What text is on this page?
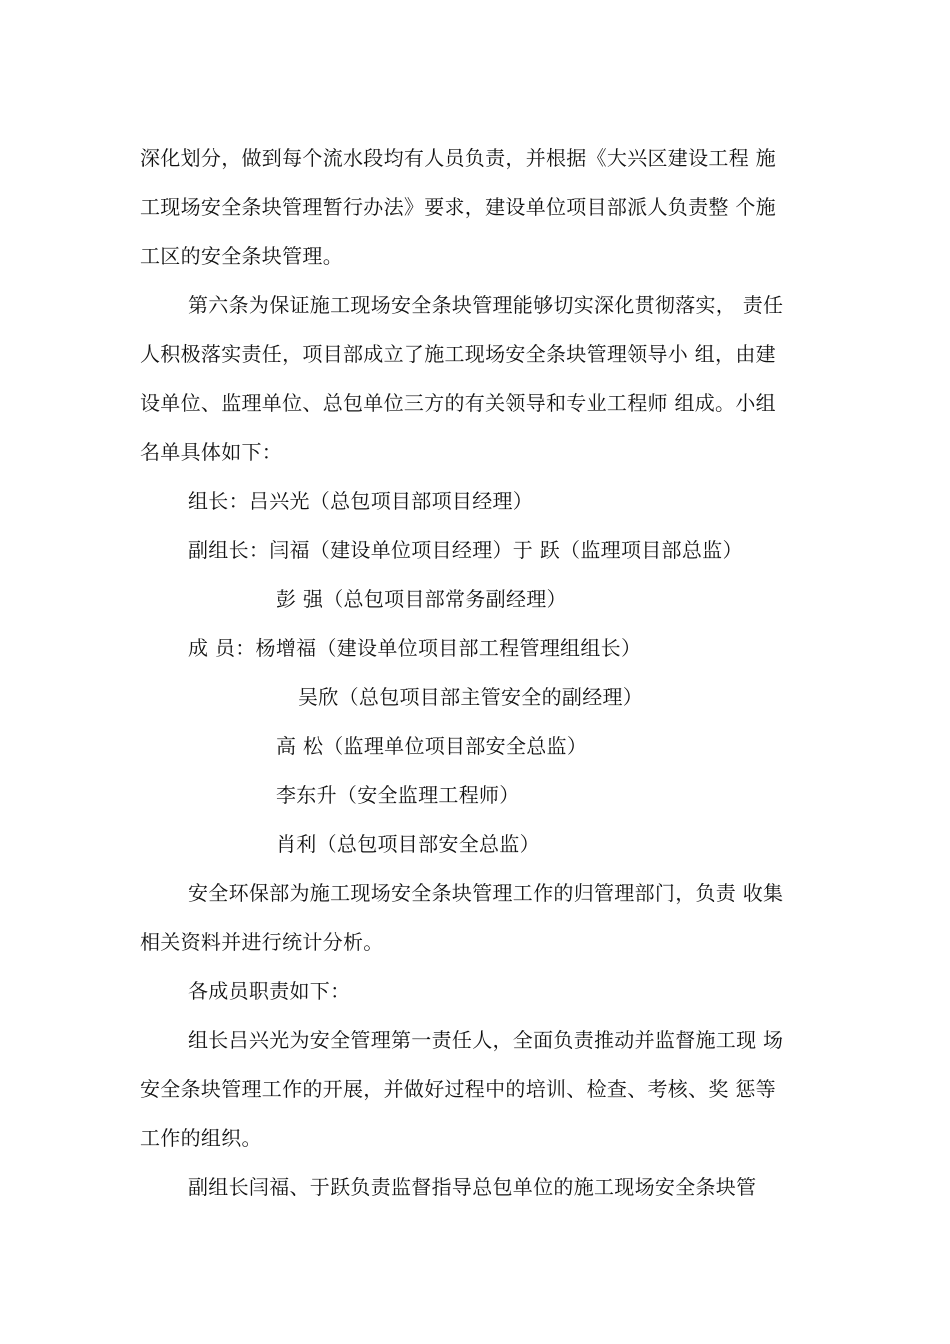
深化划分，做到每个流水段均有人员负责，并根据《大兴区建设工程 施
工现场安全条块管理暂行办法》要求，建设单位项目部派人负责整 个施
工区的安全条块管理。
第六条为保证施工现场安全条块管理能够切实深化贯彻落实， 责任
人积极落实责任，项目部成立了施工现场安全条块管理领导小 组，由建
设单位、监理单位、总包单位三方的有关领导和专业工程师 组成。小组
名单具体如下：
组长：吕兴光（总包项目部项目经理）
副组长：闫福（建设单位项目经理）于 跃（监理项目部总监）
彭 强（总包项目部常务副经理）
成 员：杨增福（建设单位项目部工程管理组组长）
吴欣（总包项目部主管安全的副经理）
高 松（监理单位项目部安全总监）
李东升（安全监理工程师）
肖利（总包项目部安全总监）
安全环保部为施工现场安全条块管理工作的归管理部门，负责 收集
相关资料并进行统计分析。
各成员职责如下：
组长吕兴光为安全管理第一责任人，全面负责推动并监督施工现 场
安全条块管理工作的开展，并做好过程中的培训、检查、考核、奖 惩等
工作的组织。
副组长闫福、于跃负责监督指导总包单位的施工现场安全条块管
